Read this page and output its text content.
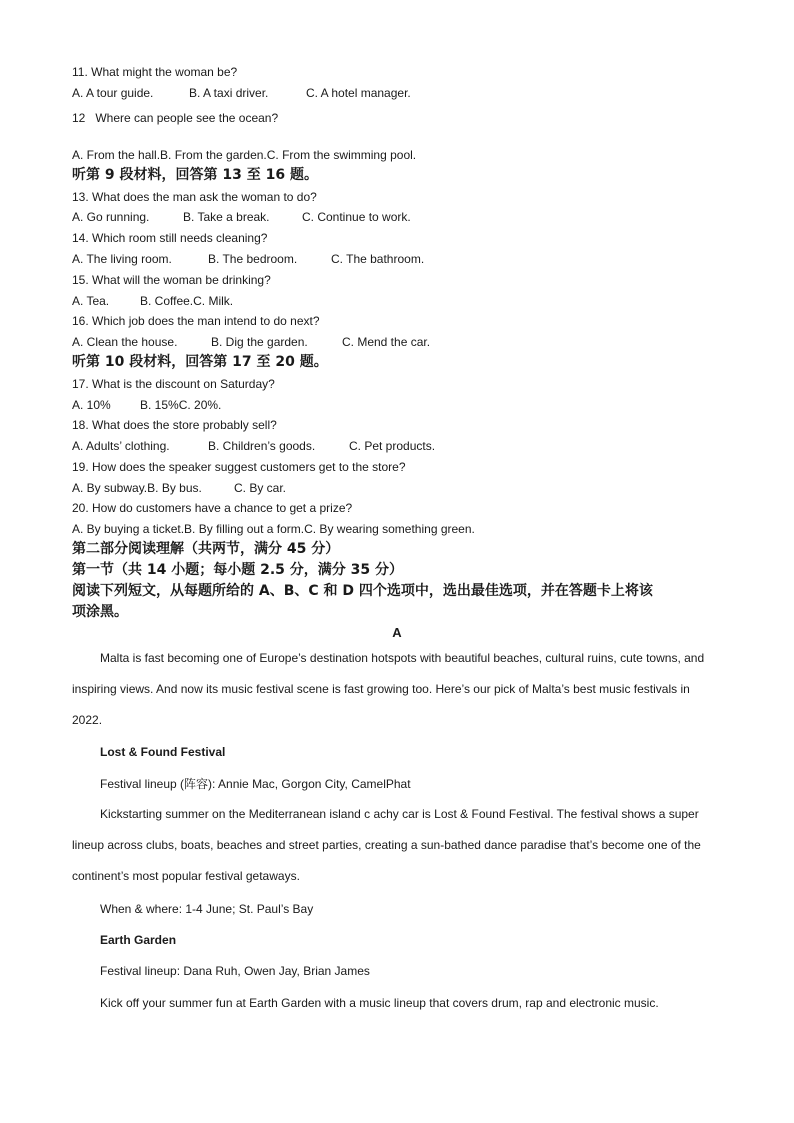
11. What might the woman be?
A. A tour guide.	B. A taxi driver.	C. A hotel manager.
12   Where can people see the ocean?
A. From the hall.B. From the garden.C. From the swimming pool.
听第 9 段材料，回答第 13 至 16 题。
13. What does the man ask the woman to do?
A. Go running.	B. Take a break.	C. Continue to work.
14. Which room still needs cleaning?
A. The living room.	B. The bedroom.	C. The bathroom.
15. What will the woman be drinking?
A. Tea.	B. Coffee.C. Milk.
16. Which job does the man intend to do next?
A. Clean the house.	B. Dig the garden.	C. Mend the car.
听第 10 段材料，回答第 17 至 20 题。
17. What is the discount on Saturday?
A. 10% B. 15%C. 20%.
18. What does the store probably sell?
A. Adults’ clothing.	B. Children’s goods.	C. Pet products.
19. How does the speaker suggest customers get to the store?
A. By subway.B. By bus.	C. By car.
20. How do customers have a chance to get a prize?
A. By buying a ticket.B. By filling out a form.C. By wearing something green.
第二部分阅读理解（共两节，满分 45 分）
第一节（共 14 小题；每小题 2.5 分，满分 35 分）
阅读下列短文，从每题所给的 A、B、C 和 D 四个选项中，选出最佳选项，并在答题卡上将该
项涂黑。
A
Malta is fast becoming one of Europe’s destination hotspots with beautiful beaches, cultural ruins, cute towns, and inspiring views. And now its music festival scene is fast growing too. Here’s our pick of Malta’s best music festivals in 2022.
Lost & Found Festival
Festival lineup (阵容): Annie Mac, Gorgon City, CamelPhat
Kickstarting summer on the Mediterranean island c achy car is Lost & Found Festival. The festival shows a super lineup across clubs, boats, beaches and street parties, creating a sun-bathed dance paradise that’s become one of the continent’s most popular festival getaways.
When & where: 1-4 June; St. Paul’s Bay
Earth Garden
Festival lineup: Dana Ruh, Owen Jay, Brian James
Kick off your summer fun at Earth Garden with a music lineup that covers drum, rap and electronic music.
